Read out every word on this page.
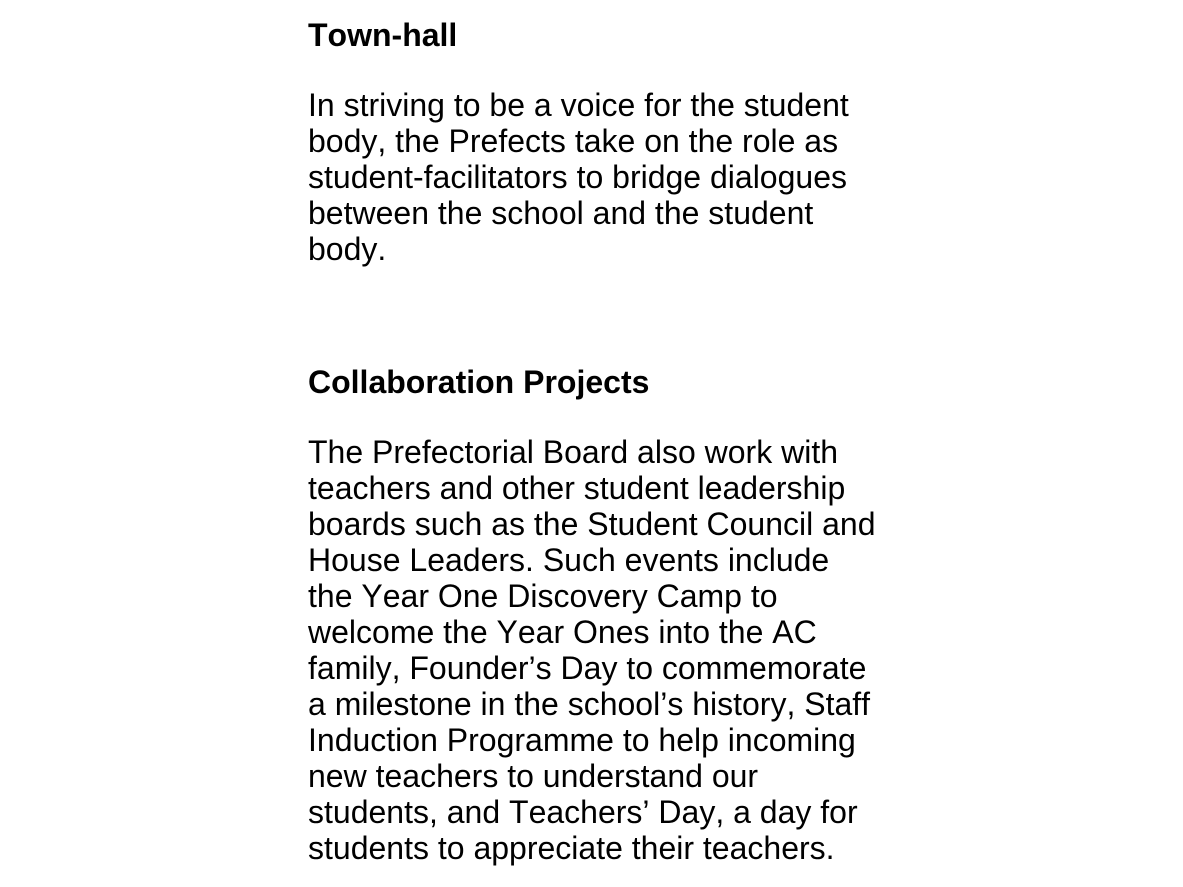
Town-hall

In striving to be a voice for the student body, the Prefects take on the role as student-facilitators to bridge dialogues between the school and the student body.

Collaboration Projects

The Prefectorial Board also work with teachers and other student leadership boards such as the Student Council and House Leaders. Such events include the Year One Discovery Camp to welcome the Year Ones into the AC family, Founder’s Day to commemorate a milestone in the school’s history, Staff Induction Programme to help incoming new teachers to understand our students, and Teachers’ Day, a day for students to appreciate their teachers.
